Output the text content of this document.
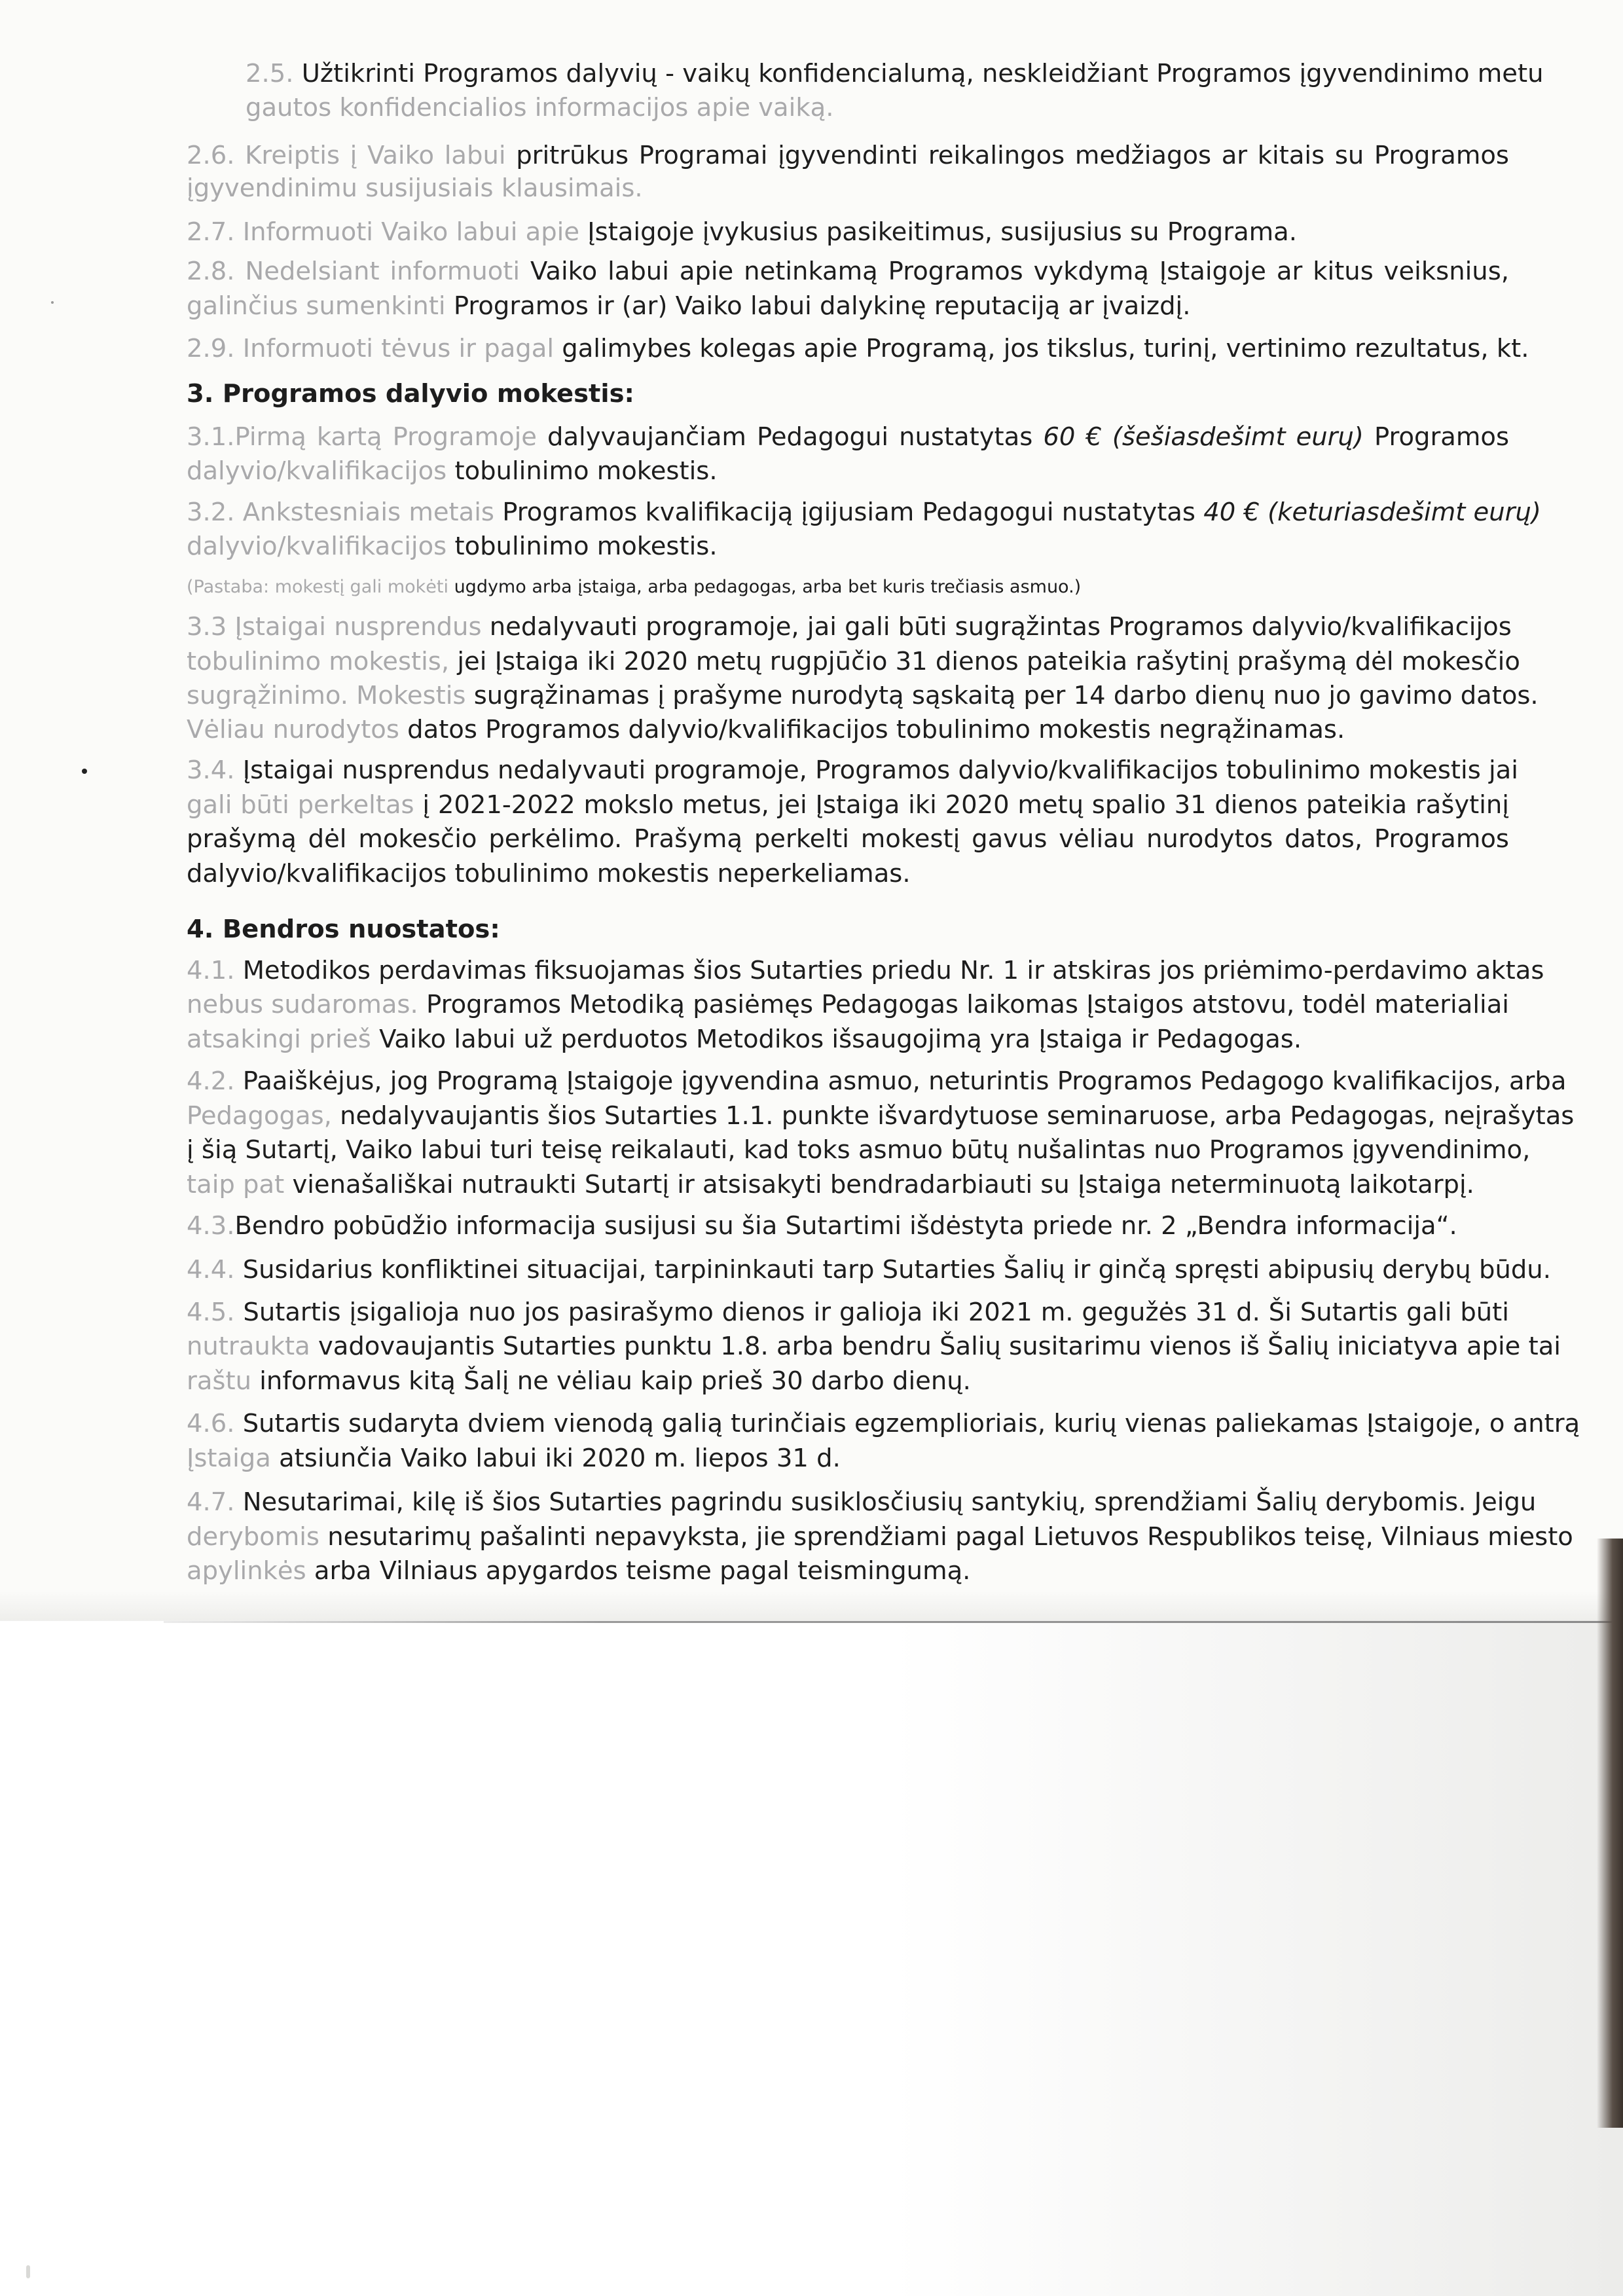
2.5. Užtikrinti Programos dalyvių - vaikų konfidencialumą, neskleidžiant Programos įgyvendinimo metu
gautos konfidencialios informacijos apie vaiką.
2.6. Kreiptis į Vaiko labui pritrūkus Programai įgyvendinti reikalingos medžiagos ar kitais su Programos
įgyvendinimu susijusiais klausimais.
2.7. Informuoti Vaiko labui apie Įstaigoje įvykusius pasikeitimus, susijusius su Programa.
2.8. Nedelsiant informuoti Vaiko labui apie netinkamą Programos vykdymą Įstaigoje ar kitus veiksnius,
galinčius sumenkinti Programos ir (ar) Vaiko labui dalykinę reputaciją ar įvaizdį.
2.9. Informuoti tėvus ir pagal galimybes kolegas apie Programą, jos tikslus, turinį, vertinimo rezultatus, kt.
3. Programos dalyvio mokestis:
3.1.Pirmą kartą Programoje dalyvaujančiam Pedagogui nustatytas 60 € (šešiasdešimt eurų) Programos
dalyvio/kvalifikacijos tobulinimo mokestis.
3.2. Ankstesniais metais Programos kvalifikaciją įgijusiam Pedagogui nustatytas 40 € (keturiasdešimt eurų)
dalyvio/kvalifikacijos tobulinimo mokestis.
(Pastaba: mokestį gali mokėti ugdymo arba įstaiga, arba pedagogas, arba bet kuris trečiasis asmuo.)
3.3 Įstaigai nusprendus nedalyvauti programoje, jai gali būti sugrąžintas Programos dalyvio/kvalifikacijos
tobulinimo mokestis, jei Įstaiga iki 2020 metų rugpjūčio 31 dienos pateikia rašytinį prašymą dėl mokesčio
sugrąžinimo. Mokestis sugrąžinamas į prašyme nurodytą sąskaitą per 14 darbo dienų nuo jo gavimo datos.
Vėliau nurodytos datos Programos dalyvio/kvalifikacijos tobulinimo mokestis negrąžinamas.
3.4. Įstaigai nusprendus nedalyvauti programoje, Programos dalyvio/kvalifikacijos tobulinimo mokestis jai
gali būti perkeltas į 2021-2022 mokslo metus, jei Įstaiga iki 2020 metų spalio 31 dienos pateikia rašytinį
prašymą dėl mokesčio perkėlimo. Prašymą perkelti mokestį gavus vėliau nurodytos datos, Programos
dalyvio/kvalifikacijos tobulinimo mokestis neperkeliamas.
4. Bendros nuostatos:
4.1. Metodikos perdavimas fiksuojamas šios Sutarties priedu Nr. 1 ir atskiras jos priėmimo-perdavimo aktas
nebus sudaromas. Programos Metodiką pasiėmęs Pedagogas laikomas Įstaigos atstovu, todėl materialiai
atsakingi prieš Vaiko labui už perduotos Metodikos išsaugojimą yra Įstaiga ir Pedagogas.
4.2. Paaiškėjus, jog Programą Įstaigoje įgyvendina asmuo, neturintis Programos Pedagogo kvalifikacijos, arba
Pedagogas, nedalyvaujantis šios Sutarties 1.1. punkte išvardytuose seminaruose, arba Pedagogas, neįrašytas
į šią Sutartį, Vaiko labui turi teisę reikalauti, kad toks asmuo būtų nušalintas nuo Programos įgyvendinimo,
taip pat vienašališkai nutraukti Sutartį ir atsisakyti bendradarbiauti su Įstaiga neterminuotą laikotarpį.
4.3.Bendro pobūdžio informacija susijusi su šia Sutartimi išdėstyta priede nr. 2 „Bendra informacija“.
4.4. Susidarius konfliktinei situacijai, tarpininkauti tarp Sutarties Šalių ir ginčą spręsti abipusių derybų būdu.
4.5. Sutartis įsigalioja nuo jos pasirašymo dienos ir galioja iki 2021 m. gegužės 31 d. Ši Sutartis gali būti
nutraukta vadovaujantis Sutarties punktu 1.8. arba bendru Šalių susitarimu vienos iš Šalių iniciatyva apie tai
raštu informavus kitą Šalį ne vėliau kaip prieš 30 darbo dienų.
4.6. Sutartis sudaryta dviem vienodą galią turinčiais egzemplioriais, kurių vienas paliekamas Įstaigoje, o antrą
Įstaiga atsiunčia Vaiko labui iki 2020 m. liepos 31 d.
4.7. Nesutarimai, kilę iš šios Sutarties pagrindu susiklosčiusių santykių, sprendžiami Šalių derybomis. Jeigu
derybomis nesutarimų pašalinti nepavyksta, jie sprendžiami pagal Lietuvos Respublikos teisę, Vilniaus miesto
apylinkės arba Vilniaus apygardos teisme pagal teismingumą.
